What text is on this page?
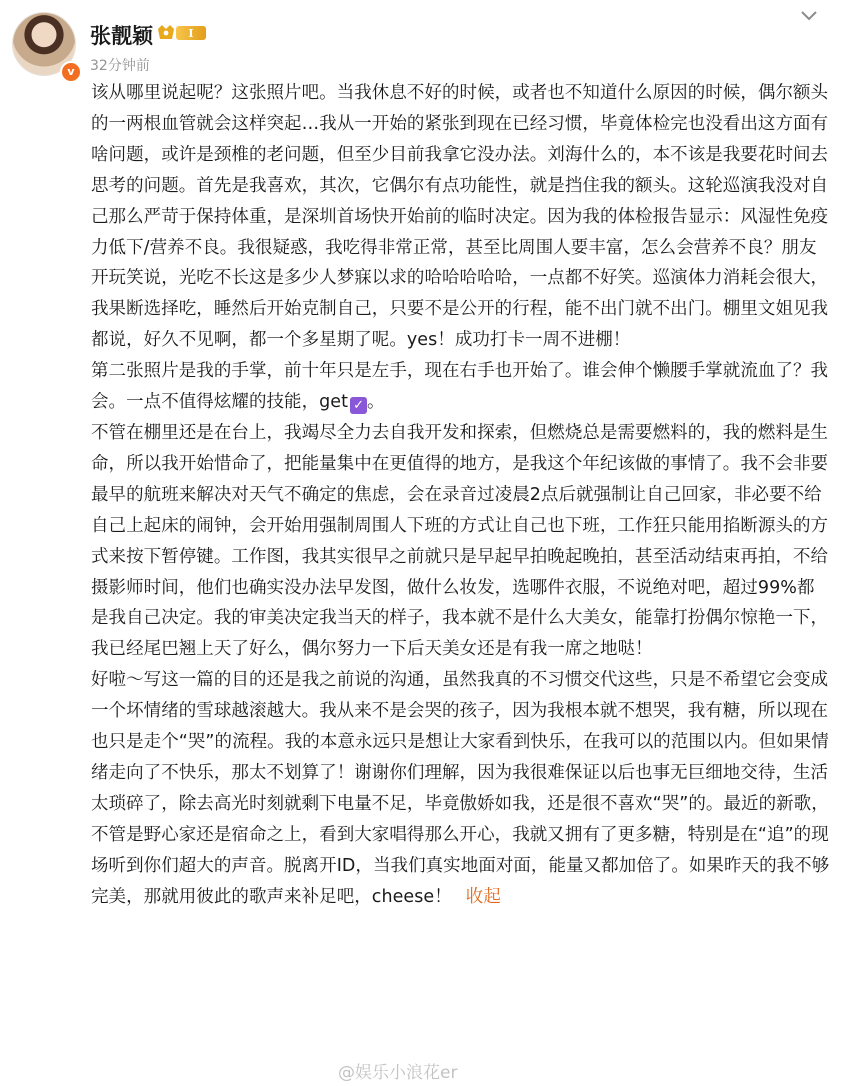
v
张靓颖	I
32分钟前

该从哪里说起呢？这张照片吧。当我休息不好的时候，或者也不知道什么原因的时候，偶尔额头的一两根血管就会这样突起…我从一开始的紧张到现在已经习惯，毕竟体检完也没看出这方面有啥问题，或许是颈椎的老问题，但至少目前我拿它没办法。刘海什么的，本不该是我要花时间去思考的问题。首先是我喜欢，其次，它偶尔有点功能性，就是挡住我的额头。这轮巡演我没对自己那么严苛于保持体重，是深圳首场快开始前的临时决定。因为我的体检报告显示：风湿性免疫力低下/营养不良。我很疑惑，我吃得非常正常，甚至比周围人要丰富，怎么会营养不良？朋友开玩笑说，光吃不长这是多少人梦寐以求的哈哈哈哈哈，一点都不好笑。巡演体力消耗会很大，我果断选择吃，睡然后开始克制自己，只要不是公开的行程，能不出门就不出门。棚里文姐见我都说，好久不见啊，都一个多星期了呢。yes！成功打卡一周不进棚！

第二张照片是我的手掌，前十年只是左手，现在右手也开始了。谁会伸个懒腰手掌就流血了？我会。一点不值得炫耀的技能，get ✓ 。

不管在棚里还是在台上，我竭尽全力去自我开发和探索，但燃烧总是需要燃料的，我的燃料是生命，所以我开始惜命了，把能量集中在更值得的地方，是我这个年纪该做的事情了。我不会非要最早的航班来解决对天气不确定的焦虑，会在录音过凌晨2点后就强制让自己回家，非必要不给自己上起床的闹钟，会开始用强制周围人下班的方式让自己也下班，工作狂只能用掐断源头的方式来按下暂停键。工作图，我其实很早之前就只是早起早拍晚起晚拍，甚至活动结束再拍，不给摄影师时间，他们也确实没办法早发图，做什么妆发，选哪件衣服，不说绝对吧，超过99%都是我自己决定。我的审美决定我当天的样子，我本就不是什么大美女，能靠打扮偶尔惊艳一下，我已经尾巴翘上天了好么，偶尔努力一下后天美女还是有我一席之地哒！

好啦～写这一篇的目的还是我之前说的沟通，虽然我真的不习惯交代这些，只是不希望它会变成一个坏情绪的雪球越滚越大。我从来不是会哭的孩子，因为我根本就不想哭，我有糖，所以现在也只是走个“哭”的流程。我的本意永远只是想让大家看到快乐，在我可以的范围以内。但如果情绪走向了不快乐，那太不划算了！谢谢你们理解，因为我很难保证以后也事无巨细地交待，生活太琐碎了，除去高光时刻就剩下电量不足，毕竟傲娇如我，还是很不喜欢“哭”的。最近的新歌，不管是野心家还是宿命之上，看到大家唱得那么开心，我就又拥有了更多糖，特别是在“追”的现场听到你们超大的声音。脱离开ID，当我们真实地面对面，能量又都加倍了。如果昨天的我不够完美，那就用彼此的歌声来补足吧，cheese！ 收起

@娱乐小浪花er
